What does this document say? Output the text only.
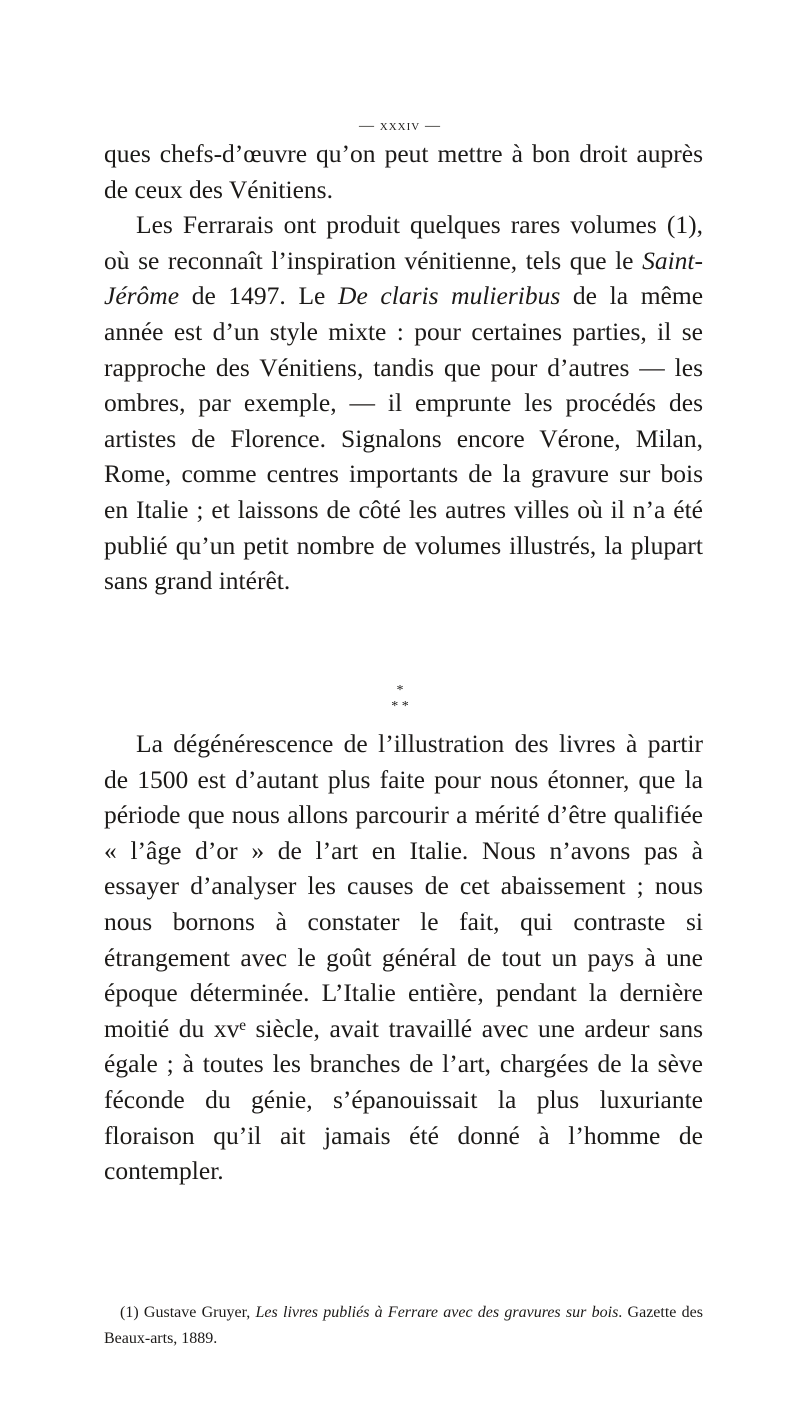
— xxxiv —

ques chefs-d’œuvre qu’on peut mettre à bon droit auprès de ceux des Vénitiens.

Les Ferrarais ont produit quelques rares volumes (1), où se reconnaît l’inspiration vénitienne, tels que le Saint-Jérôme de 1497. Le De claris mulieribus de la même année est d’un style mixte : pour certaines parties, il se rapproche des Vénitiens, tandis que pour d’autres — les ombres, par exemple, — il emprunte les procédés des artistes de Florence. Signalons encore Vérone, Milan, Rome, comme centres importants de la gravure sur bois en Italie ; et laissons de côté les autres villes où il n’a été publié qu’un petit nombre de volumes illustrés, la plupart sans grand intérêt.

*
* *

La dégénérescence de l’illustration des livres à partir de 1500 est d’autant plus faite pour nous étonner, que la période que nous allons parcourir a mérité d’être qualifiée « l’âge d’or » de l’art en Italie. Nous n’avons pas à essayer d’analyser les causes de cet abaissement ; nous nous bornons à constater le fait, qui contraste si étrangement avec le goût général de tout un pays à une époque déterminée. L’Italie entière, pendant la dernière moitié du xvᵉ siècle, avait travaillé avec une ardeur sans égale ; à toutes les branches de l’art, chargées de la sève féconde du génie, s’épanouissait la plus luxuriante floraison qu’il ait jamais été donné à l’homme de contempler.

(1) Gustave Gruyer, Les livres publiés à Ferrare avec des gravures sur bois. Gazette des Beaux-arts, 1889.
